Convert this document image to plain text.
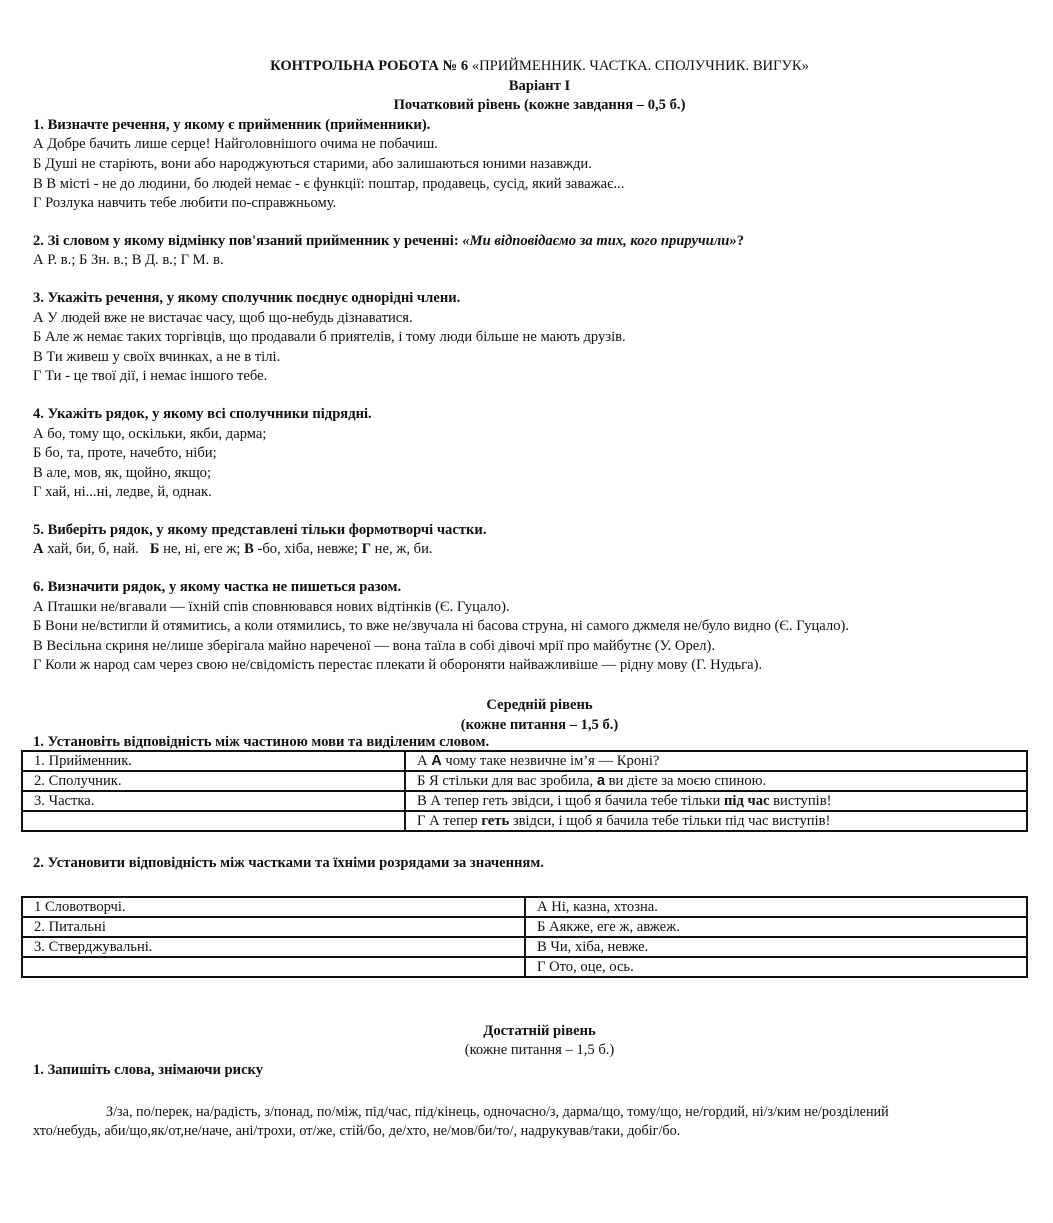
КОНТРОЛЬНА РОБОТА № 6 «ПРИЙМЕННИК. ЧАСТКА. СПОЛУЧНИК. ВИГУК»
Варіант І
Початковий рівень (кожне завдання – 0,5 б.)
1. Визначте речення, у якому є прийменник (прийменники).
А Добре бачить лише серце! Найголовнішого очима не побачиш.
Б Душі не старіють, вони або народжуються старими, або залишаються юними назавжди.
В В місті - не до людини, бо людей немає - є функції: поштар, продавець, сусід, який заважає...
Г Розлука навчить тебе любити по-справжньому.
2. Зі словом у якому відмінку пов'язаний прийменник у реченні: «Ми відповідаємо за тих, кого приручили»?
А Р. в.; Б Зн. в.; В Д. в.; Г М. в.
3. Укажіть речення, у якому сполучник поєднує однорідні члени.
А У людей вже не вистачає часу, щоб що-небудь дізнаватися.
Б Але ж немає таких торгівців, що продавали б приятелів, і тому люди більше не мають друзів.
В Ти живеш у своїх вчинках, а не в тілі.
Г Ти - це твої дії, і немає іншого тебе.
4. Укажіть рядок, у якому всі сполучники підрядні.
А бо, тому що, оскільки, якби, дарма;
Б бо, та, проте, начебто, ніби;
В але, мов, як, щойно, якщо;
Г хай, ні...ні, ледве, й, однак.
5. Виберіть рядок, у якому представлені тільки формотворчі частки.
А хай, би, б, най.   Б не, ні, еге ж; В -бо, хіба, невже; Г не, ж, би.
6. Визначити рядок, у якому частка не пишеться разом.
А Пташки не/вгавали — їхній спів сповнювався нових відтінків (Є. Гуцало).
Б Вони не/встигли й отямитись, а коли отямились, то вже не/звучала ні басова струна, ні самого джмеля не/було видно (Є. Гуцало).
В Весільна скриня не/лише зберігала майно нареченої — вона таїла в собі дівочі мрії про майбутнє (У. Орел).
Г Коли ж народ сам через свою не/свідомість перестає плекати й обороняти найважливіше — рідну мову (Г. Нудьга).
Середній рівень
(кожне питання – 1,5 б.)
1. Установіть відповідність між частиною мови та виділеним словом.
1. Прийменник.	А А чому таке незвичне ім’я — Кроні?
2. Сполучник.	Б Я стільки для вас зробила, а ви дієте за моєю спиною.
3. Частка.	В А тепер геть звідси, і щоб я бачила тебе тільки під час виступів!
	Г А тепер геть звідси, і щоб я бачила тебе тільки під час виступів!
2. Установити відповідність між частками та їхніми розрядами за значенням.
1 Словотворчі.	А Ні, казна, хтозна.
2. Питальні	Б Аякже, еге ж, авжеж.
3. Стверджувальні.	В Чи, хіба, невже.
	Г Ото, оце, ось.
Достатній рівень
(кожне питання – 1,5 б.)
1. Запишіть слова, знімаючи риску
З/за, по/перек, на/радість, з/понад, по/між, під/час, під/кінець, одночасно/з, дарма/що, тому/що, не/гордий, ні/з/ким не/розділений
хто/небудь, аби/що,як/от,не/наче, ані/трохи, от/же, стій/бо, де/хто, не/мов/би/то/, надрукував/таки, добіг/бо.
